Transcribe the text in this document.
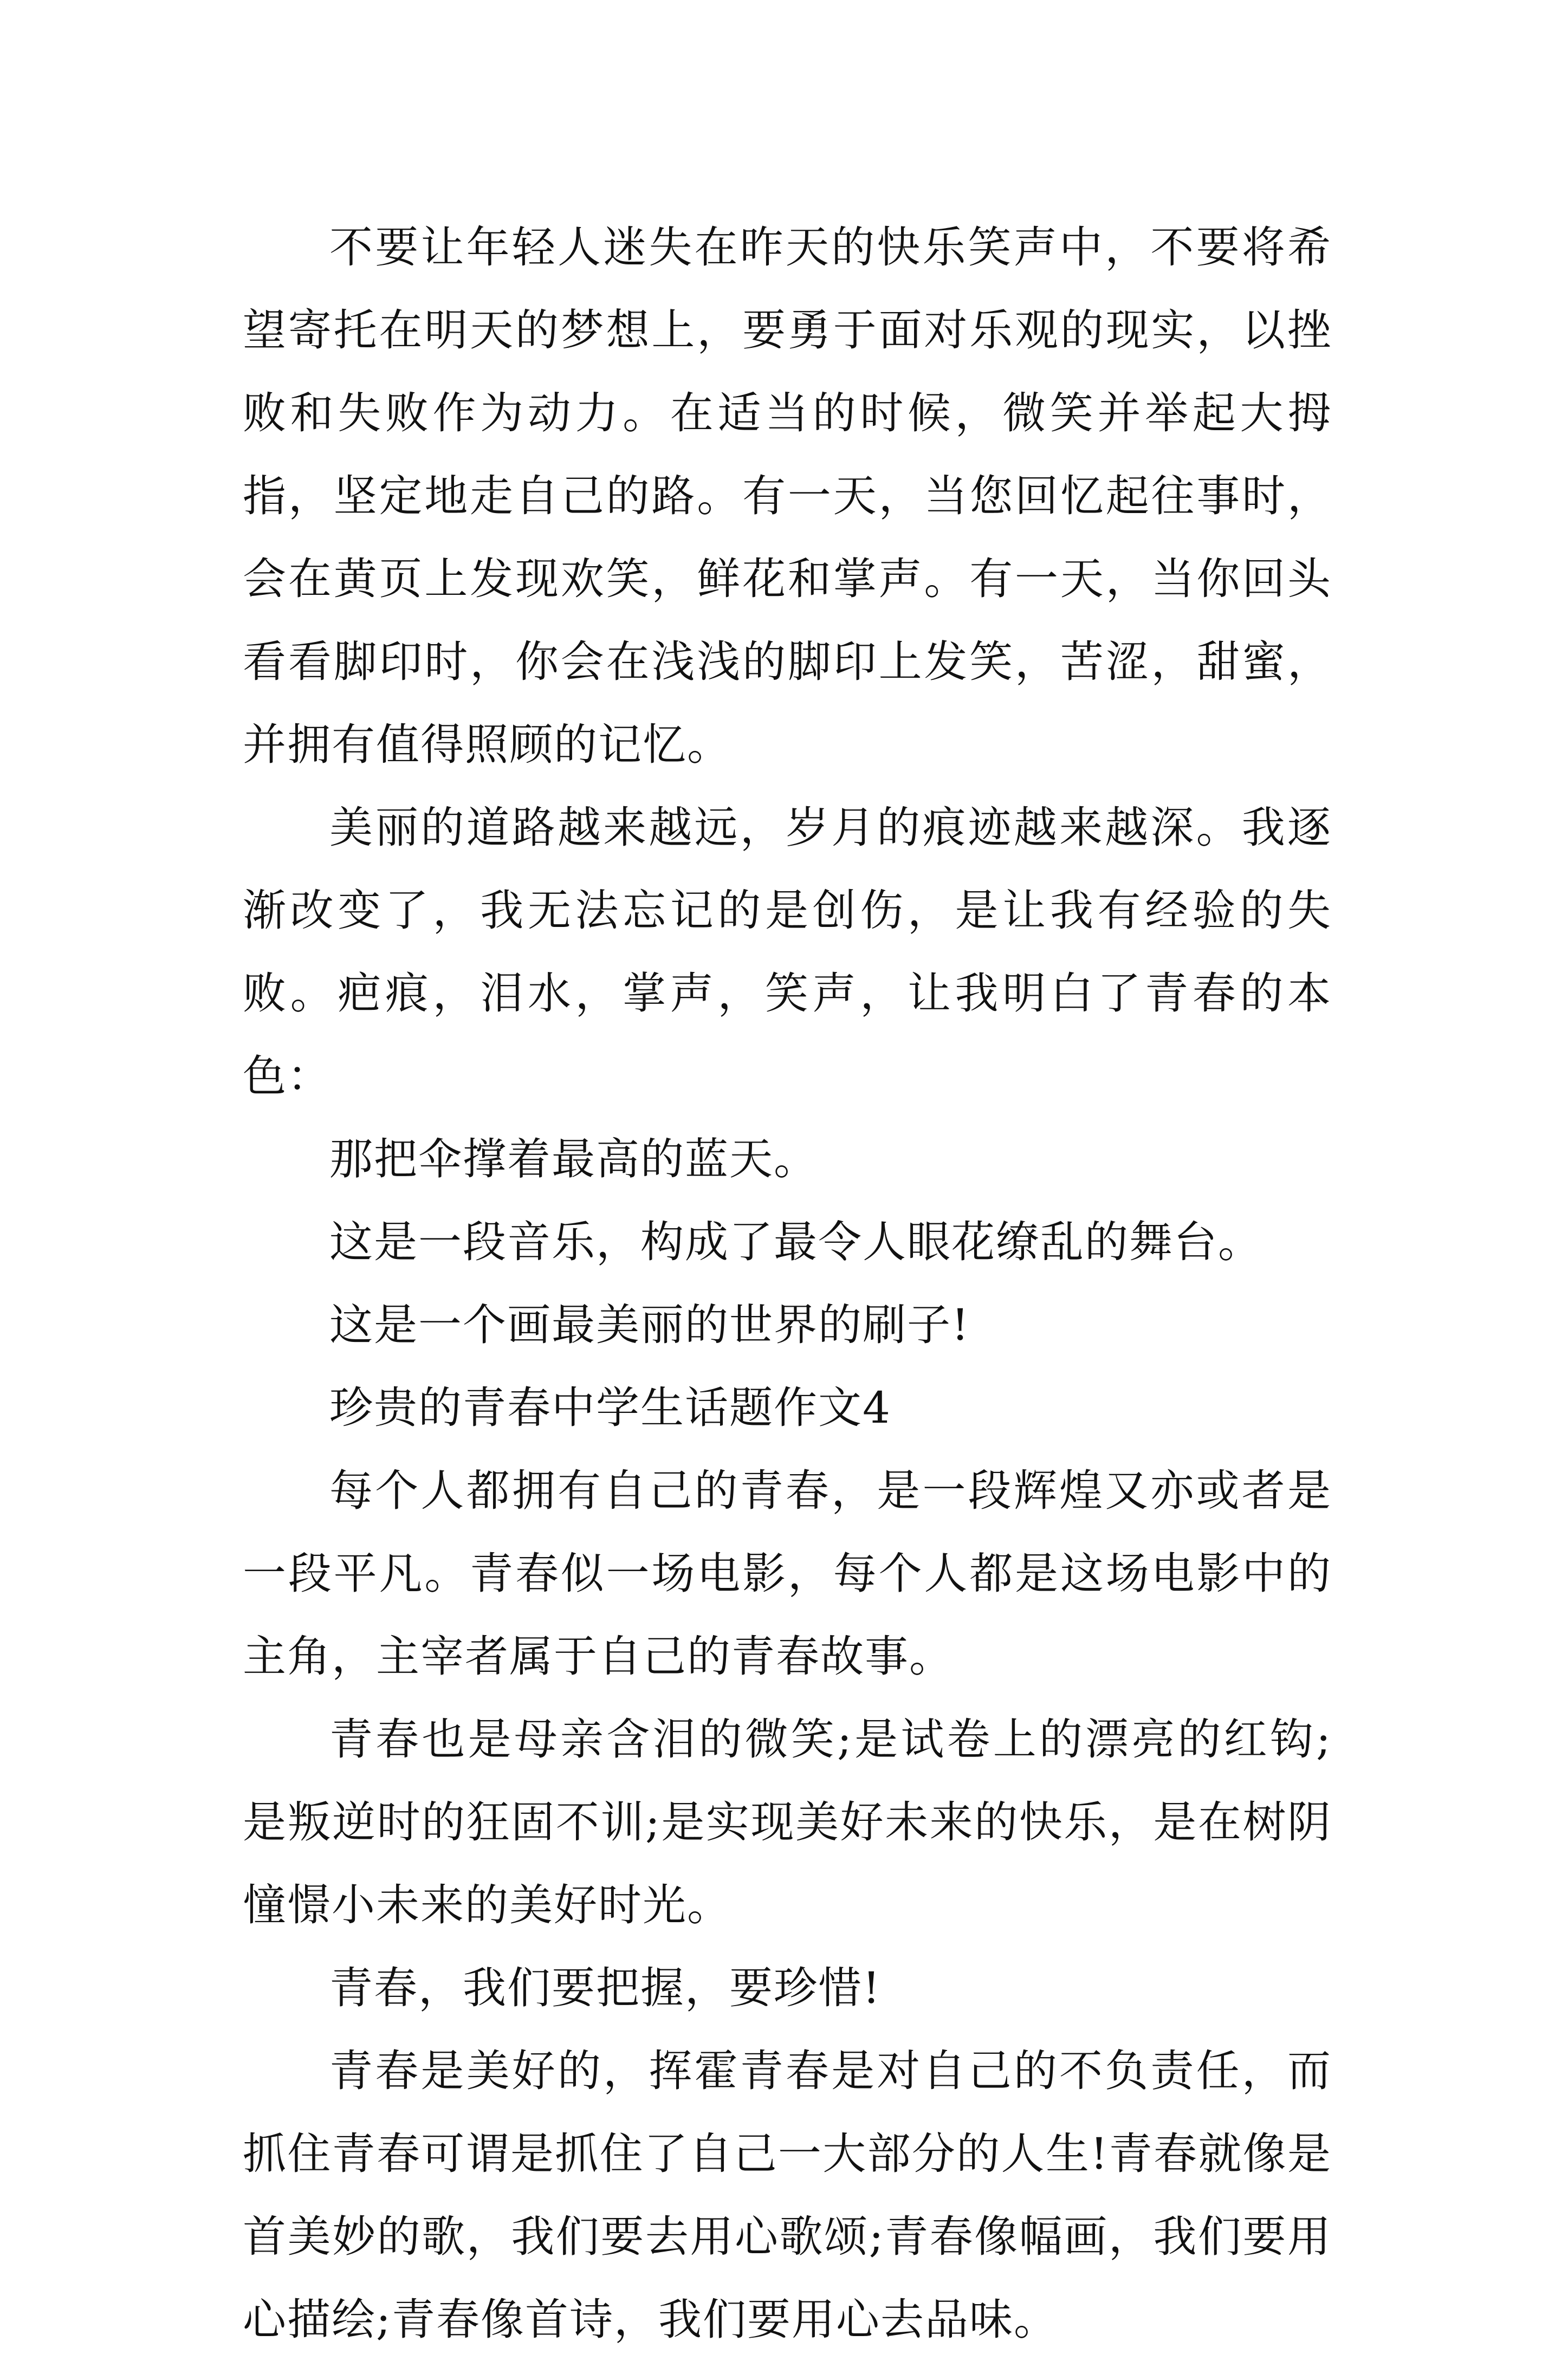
不要让年轻人迷失在昨天的快乐笑声中，不要将希望寄托在明天的梦想上，要勇于面对乐观的现实，以挫败和失败作为动力。在适当的时候，微笑并举起大拇指，坚定地走自己的路。有一天，当您回忆起往事时，会在黄页上发现欢笑，鲜花和掌声。有一天，当你回头看看脚印时，你会在浅浅的脚印上发笑，苦涩，甜蜜，并拥有值得照顾的记忆。

美丽的道路越来越远，岁月的痕迹越来越深。我逐渐改变了，我无法忘记的是创伤，是让我有经验的失败。疤痕，泪水，掌声，笑声，让我明白了青春的本色：

那把伞撑着最高的蓝天。

这是一段音乐，构成了最令人眼花缭乱的舞台。

这是一个画最美丽的世界的刷子!

珍贵的青春中学生话题作文4

每个人都拥有自己的青春，是一段辉煌又亦或者是一段平凡。青春似一场电影，每个人都是这场电影中的主角，主宰者属于自己的青春故事。

青春也是母亲含泪的微笑;是试卷上的漂亮的红钩;是叛逆时的狂固不训;是实现美好未来的快乐，是在树阴憧憬小未来的美好时光。

青春，我们要把握，要珍惜!

青春是美好的，挥霍青春是对自己的不负责任，而抓住青春可谓是抓住了自己一大部分的人生!青春就像是首美妙的歌，我们要去用心歌颂;青春像幅画，我们要用心描绘;青春像首诗，我们要用心去品味。
